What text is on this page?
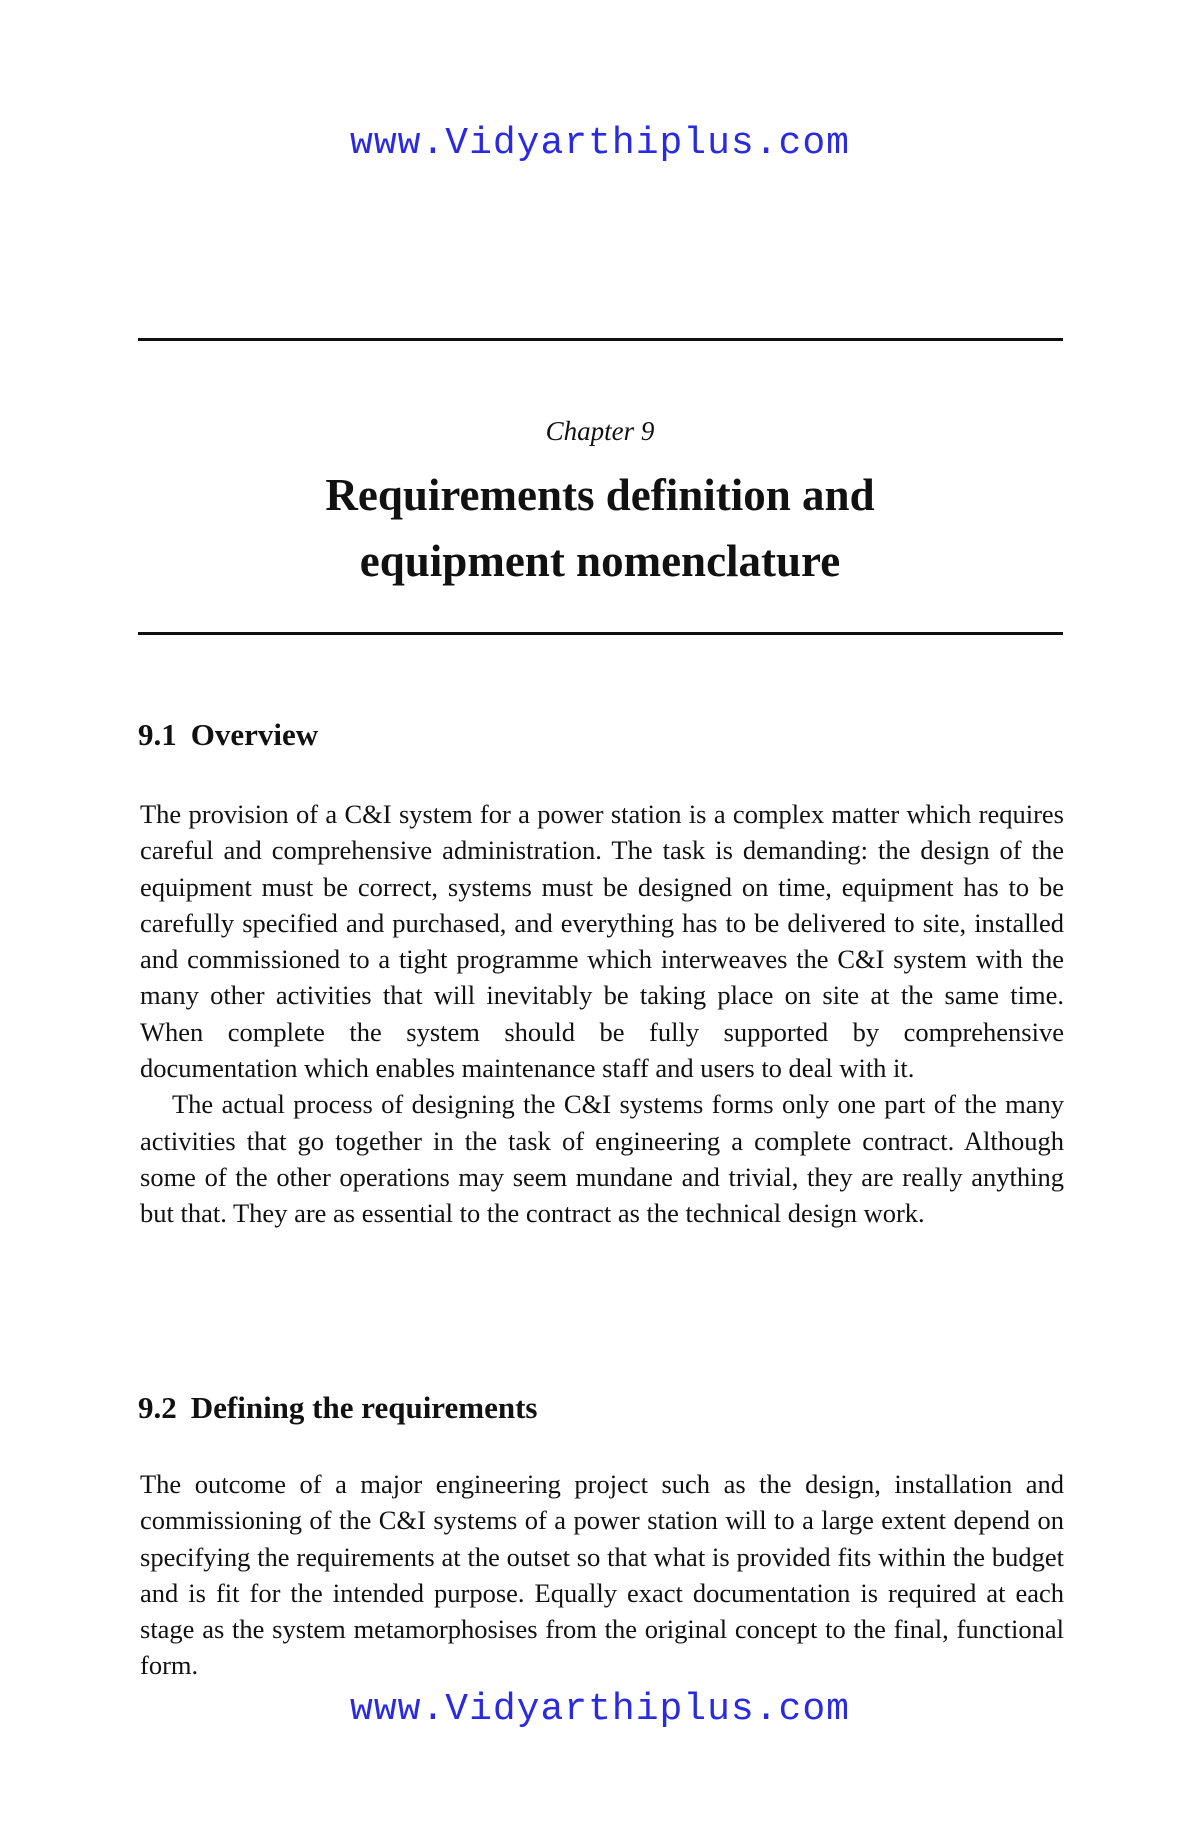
www.Vidyarthiplus.com
Chapter 9
Requirements definition and
equipment nomenclature
9.1 Overview

The provision of a C&I system for a power station is a complex matter which requires careful and comprehensive administration. The task is demanding: the design of the equipment must be correct, systems must be designed on time, equipment has to be carefully specified and purchased, and everything has to be delivered to site, installed and commissioned to a tight programme which interweaves the C&I system with the many other activities that will inevitably be taking place on site at the same time. When complete the system should be fully supported by comprehensive documentation which enables maintenance staff and users to deal with it.

The actual process of designing the C&I systems forms only one part of the many activities that go together in the task of engineering a complete contract. Although some of the other operations may seem mundane and trivial, they are really anything but that. They are as essential to the contract as the technical design work.

9.2 Defining the requirements

The outcome of a major engineering project such as the design, installation and commissioning of the C&I systems of a power station will to a large extent depend on specifying the requirements at the outset so that what is provided fits within the budget and is fit for the intended purpose. Equally exact documentation is required at each stage as the system metamorphosises from the original concept to the final, functional form.

www.Vidyarthiplus.com
